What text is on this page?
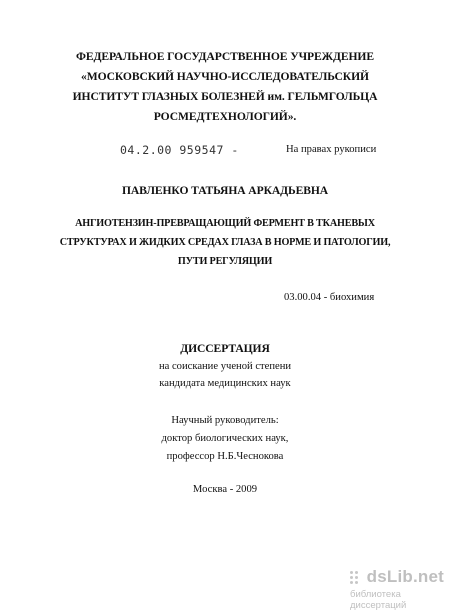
ФЕДЕРАЛЬНОЕ ГОСУДАРСТВЕННОЕ УЧРЕЖДЕНИЕ
«МОСКОВСКИЙ НАУЧНО-ИССЛЕДОВАТЕЛЬСКИЙ
ИНСТИТУТ ГЛАЗНЫХ БОЛЕЗНЕЙ им. ГЕЛЬМГОЛЬЦА
РОСМЕДТЕХНОЛОГИЙ».
04.2.00 959547 -	На правах рукописи
ПАВЛЕНКО ТАТЬЯНА АРКАДЬЕВНА
АНГИОТЕНЗИН-ПРЕВРАЩАЮЩИЙ ФЕРМЕНТ В ТКАНЕВЫХ
СТРУКТУРАХ И ЖИДКИХ СРЕДАХ ГЛАЗА В НОРМЕ И ПАТОЛОГИИ,
ПУТИ РЕГУЛЯЦИИ
03.00.04 - биохимия
ДИССЕРТАЦИЯ
на соискание ученой степени
кандидата медицинских наук
Научный руководитель:
доктор биологических наук,
профессор Н.Б.Чеснокова
Москва - 2009
dsLib.net
библиотека диссертаций
